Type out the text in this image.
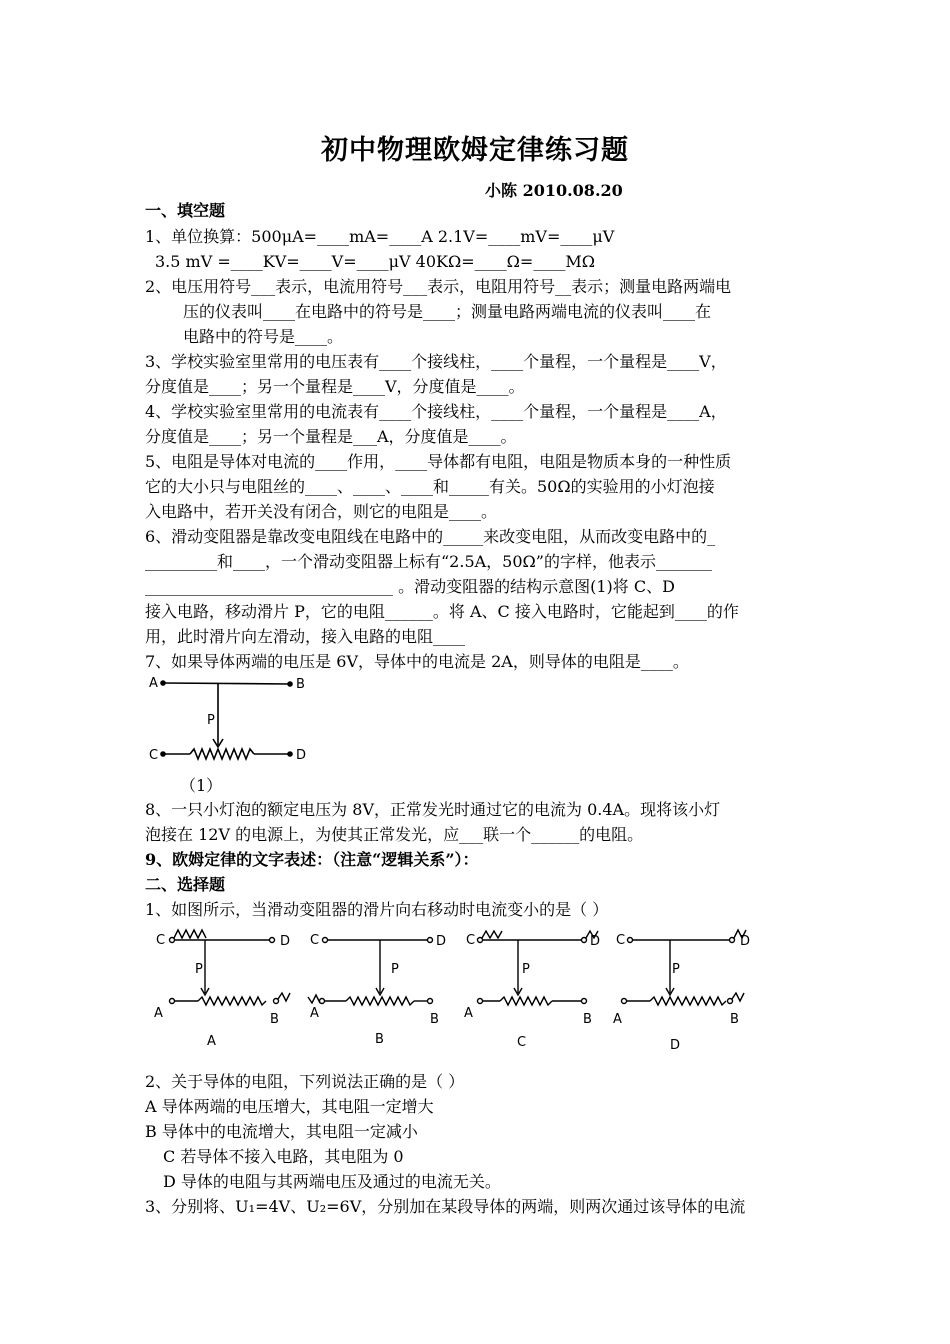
初中物理欧姆定律练习题
小陈 2010.08.20
一、填空题
1、单位换算：500μA=____mA=____A 2.1V=____mV=____μV
3.5 mV =____KV=____V=____μV 40KΩ=____Ω=____MΩ
2、电压用符号___表示，电流用符号___表示，电阻用符号__表示；测量电路两端电
压的仪表叫____在电路中的符号是____；测量电路两端电流的仪表叫____在
电路中的符号是____。
3、学校实验室里常用的电压表有____个接线柱，____个量程，一个量程是____V，
分度值是____；另一个量程是____V，分度值是____。
4、学校实验室里常用的电流表有____个接线柱，____个量程，一个量程是____A，
分度值是____；另一个量程是___A，分度值是____。
5、电阻是导体对电流的____作用，____导体都有电阻，电阻是物质本身的一种性质
它的大小只与电阻丝的____、____、____和_____有关。50Ω的实验用的小灯泡接
入电路中，若开关没有闭合，则它的电阻是____。
6、滑动变阻器是靠改变电阻线在电路中的_____来改变电阻，从而改变电路中的_
_________和____，一个滑动变阻器上标有“2.5A，50Ω”的字样，他表示_______
_______________________________ 。滑动变阻器的结构示意图(1)将 C、D
接入电路，移动滑片 P，它的电阻______。将 A、C 接入电路时，它能起到____的作
用，此时滑片向左滑动，接入电路的电阻____
7、如果导体两端的电压是 6V，导体中的电流是 2A，则导体的电阻是____。
A	B
P
C	D
（1）
8、一只小灯泡的额定电压为 8V，正常发光时通过它的电流为 0.4A。现将该小灯
泡接在 12V 的电源上，为使其正常发光，应___联一个______的电阻。
9、欧姆定律的文字表述：（注意“逻辑关系”）：
二、选择题
1、如图所示，当滑动变阻器的滑片向右移动时电流变小的是（ ）
C	D
P
A	B
A
C	D
P
A	B
B
C	D
P
A	B
C
C	D
P
A	B
D
2、关于导体的电阻，下列说法正确的是（ ）
A 导体两端的电压增大，其电阻一定增大
B 导体中的电流增大，其电阻一定减小
C 若导体不接入电路，其电阻为 0
D 导体的电阻与其两端电压及通过的电流无关。
3、分别将、U₁=4V、U₂=6V，分别加在某段导体的两端，则两次通过该导体的电流
